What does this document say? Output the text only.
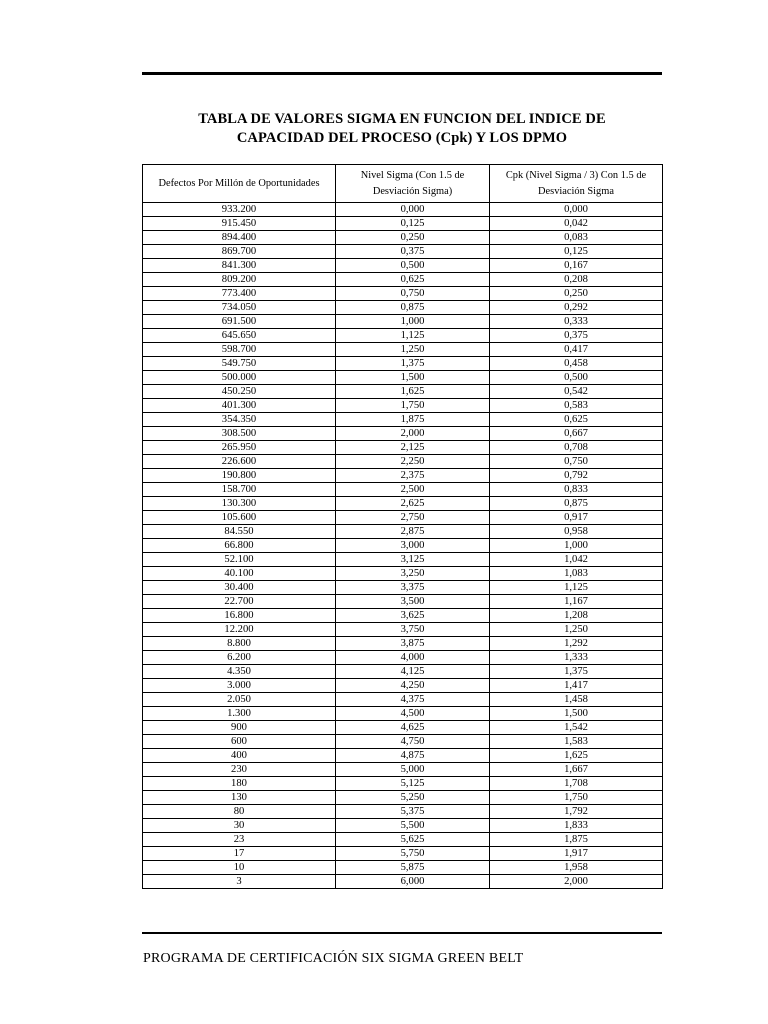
TABLA DE VALORES SIGMA EN FUNCION DEL INDICE DE
CAPACIDAD DEL PROCESO (Cpk) Y LOS DPMO
Defectos Por Millón de Oportunidades	Nivel Sigma (Con 1.5 de Desviación Sigma)	Cpk (Nivel Sigma / 3) Con 1.5 de Desviación Sigma
933.200	0,000	0,000
915.450	0,125	0,042
894.400	0,250	0,083
869.700	0,375	0,125
841.300	0,500	0,167
809.200	0,625	0,208
773.400	0,750	0,250
734.050	0,875	0,292
691.500	1,000	0,333
645.650	1,125	0,375
598.700	1,250	0,417
549.750	1,375	0,458
500.000	1,500	0,500
450.250	1,625	0,542
401.300	1,750	0,583
354.350	1,875	0,625
308.500	2,000	0,667
265.950	2,125	0,708
226.600	2,250	0,750
190.800	2,375	0,792
158.700	2,500	0,833
130.300	2,625	0,875
105.600	2,750	0,917
84.550	2,875	0,958
66.800	3,000	1,000
52.100	3,125	1,042
40.100	3,250	1,083
30.400	3,375	1,125
22.700	3,500	1,167
16.800	3,625	1,208
12.200	3,750	1,250
8.800	3,875	1,292
6.200	4,000	1,333
4.350	4,125	1,375
3.000	4,250	1,417
2.050	4,375	1,458
1.300	4,500	1,500
900	4,625	1,542
600	4,750	1,583
400	4,875	1,625
230	5,000	1,667
180	5,125	1,708
130	5,250	1,750
80	5,375	1,792
30	5,500	1,833
23	5,625	1,875
17	5,750	1,917
10	5,875	1,958
3	6,000	2,000
PROGRAMA DE CERTIFICACIÓN SIX SIGMA GREEN BELT
